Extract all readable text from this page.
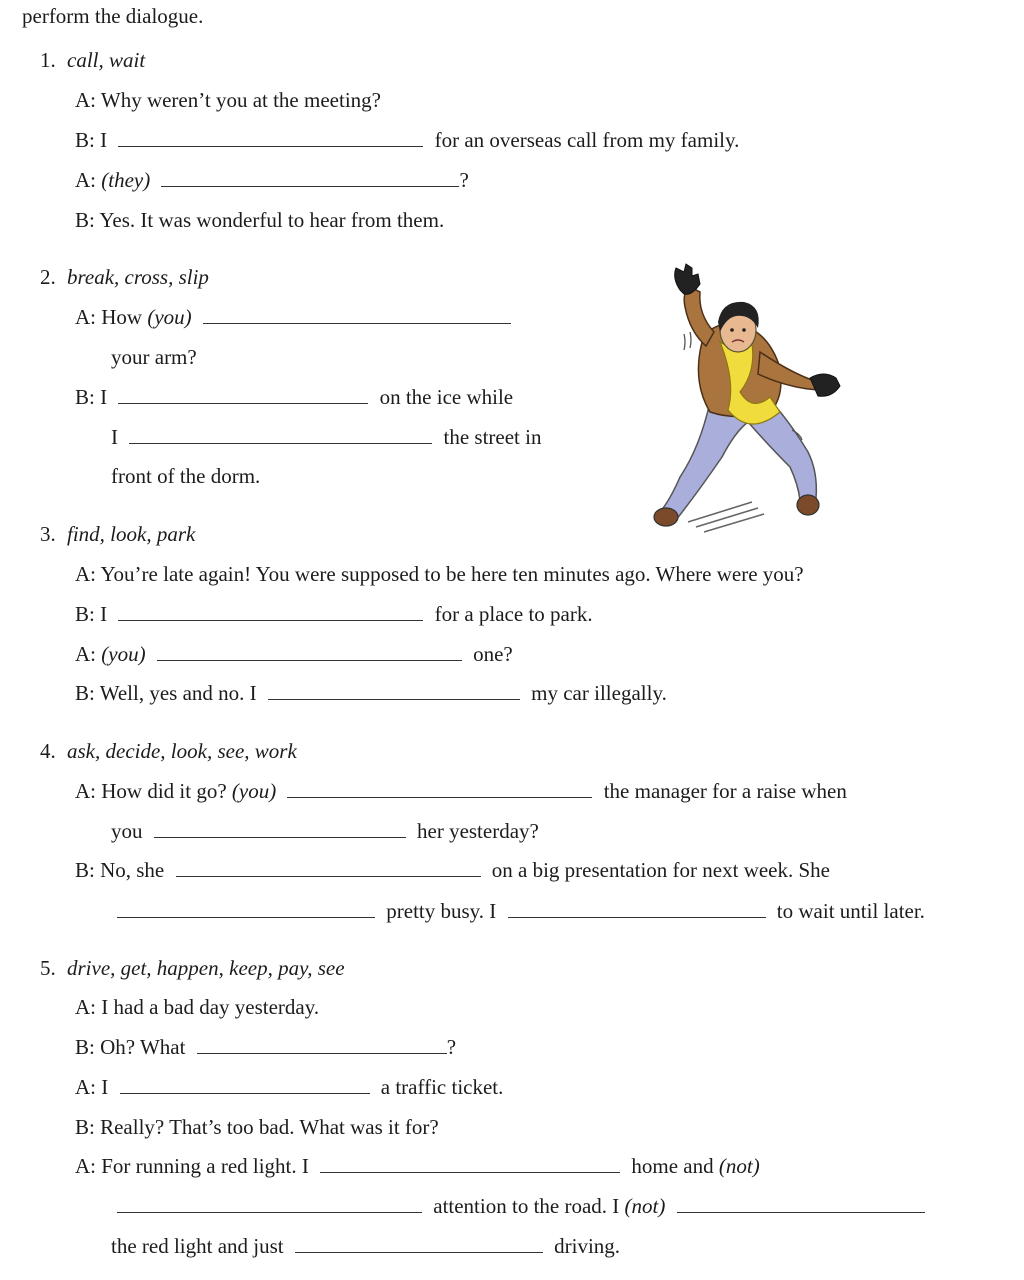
perform the dialogue.
1. call, wait
A: Why weren’t you at the meeting?
B: I	for an overseas call from my family.
A: (they)	?
B: Yes. It was wonderful to hear from them.
2. break, cross, slip
A: How (you)
your arm?
B: I	on the ice while
I	the street in
front of the dorm.
3. find, look, park
A: You’re late again! You were supposed to be here ten minutes ago. Where were you?
B: I	for a place to park.
A: (you)	one?
B: Well, yes and no. I	my car illegally.
4. ask, decide, look, see, work
A: How did it go? (you)	the manager for a raise when
you	her yesterday?
B: No, she	on a big presentation for next week. She
pretty busy. I	to wait until later.
5. drive, get, happen, keep, pay, see
A: I had a bad day yesterday.
B: Oh? What	?
A: I	a traffic ticket.
B: Really? That’s too bad. What was it for?
A: For running a red light. I	home and (not)
attention to the road. I (not)
the red light and just	driving.
